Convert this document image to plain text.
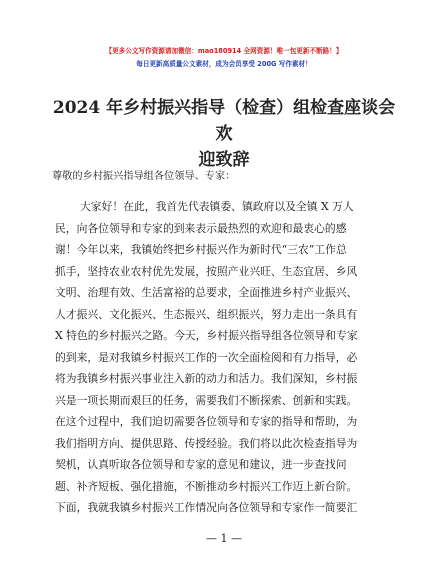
【更多公文写作资源请加微信：mao180914 全网资源！唯一包更新不断路！】
每日更新高质量公文素材，成为会员享受 200G 写作素材！
2024 年乡村振兴指导（检查）组检查座谈会欢
迎致辞
尊敬的乡村振兴指导组各位领导、专家：
大家好！在此，我首先代表镇委、镇政府以及全镇 X 万人
民，向各位领导和专家的到来表示最热烈的欢迎和最衷心的感
谢！今年以来，我镇始终把乡村振兴作为新时代“三农”工作总
抓手，坚持农业农村优先发展，按照产业兴旺、生态宜居、乡风
文明、治理有效、生活富裕的总要求，全面推进乡村产业振兴、
人才振兴、文化振兴、生态振兴、组织振兴，努力走出一条具有
X 特色的乡村振兴之路。今天，乡村振兴指导组各位领导和专家
的到来，是对我镇乡村振兴工作的一次全面检阅和有力指导，必
将为我镇乡村振兴事业注入新的动力和活力。我们深知，乡村振
兴是一项长期而艰巨的任务，需要我们不断探索、创新和实践。
在这个过程中，我们迫切需要各位领导和专家的指导和帮助，为
我们指明方向、提供思路、传授经验。我们将以此次检查指导为
契机，认真听取各位领导和专家的意见和建议，进一步查找问
题、补齐短板、强化措施，不断推动乡村振兴工作迈上新台阶。
下面，我就我镇乡村振兴工作情况向各位领导和专家作一简要汇
— 1 —
